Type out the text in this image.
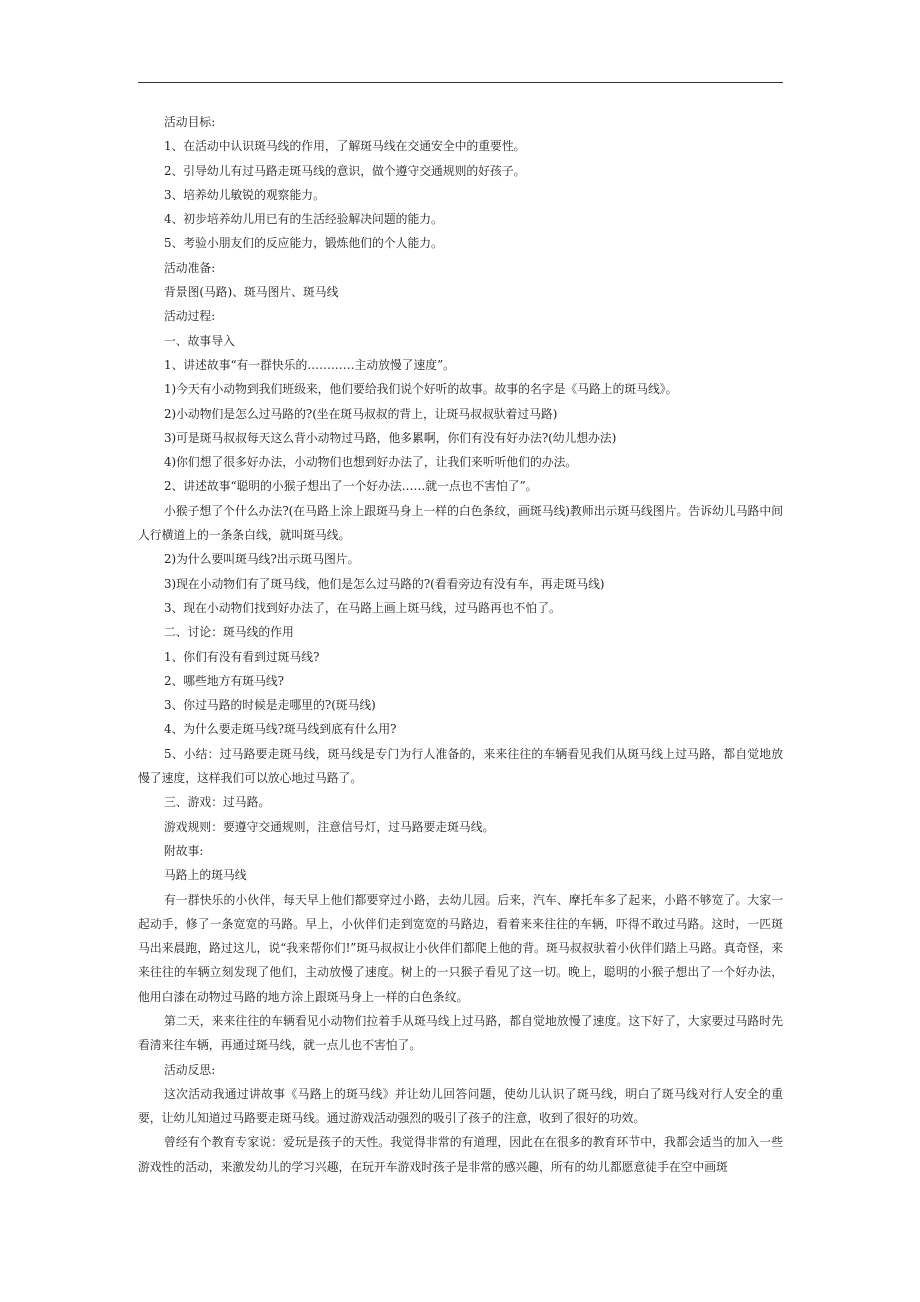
活动目标:

1、在活动中认识斑马线的作用，了解斑马线在交通安全中的重要性。

2、引导幼儿有过马路走斑马线的意识，做个遵守交通规则的好孩子。

3、培养幼儿敏锐的观察能力。

4、初步培养幼儿用已有的生活经验解决问题的能力。

5、考验小朋友们的反应能力，锻炼他们的个人能力。

活动准备:

背景图(马路)、斑马图片、斑马线

活动过程:

一、故事导入

1、讲述故事“有一群快乐的…………主动放慢了速度”。

1)今天有小动物到我们班级来，他们要给我们说个好听的故事。故事的名字是《马路上的斑马线》。

2)小动物们是怎么过马路的?(坐在斑马叔叔的背上，让斑马叔叔驮着过马路)

3)可是斑马叔叔每天这么背小动物过马路，他多累啊，你们有没有好办法?(幼儿想办法)

4)你们想了很多好办法，小动物们也想到好办法了，让我们来听听他们的办法。

2、讲述故事“聪明的小猴子想出了一个好办法……就一点也不害怕了”。

小猴子想了个什么办法?(在马路上涂上跟斑马身上一样的白色条纹，画斑马线)教师出示斑马线图片。告诉幼儿马路中间人行横道上的一条条白线，就叫斑马线。

2)为什么要叫斑马线?出示斑马图片。

3)现在小动物们有了斑马线，他们是怎么过马路的?(看看旁边有没有车，再走斑马线)

3、现在小动物们找到好办法了，在马路上画上斑马线，过马路再也不怕了。

二、讨论：斑马线的作用

1、你们有没有看到过斑马线?

2、哪些地方有斑马线?

3、你过马路的时候是走哪里的?(斑马线)

4、为什么要走斑马线?斑马线到底有什么用?

5、小结：过马路要走斑马线，斑马线是专门为行人准备的，来来往往的车辆看见我们从斑马线上过马路，都自觉地放慢了速度，这样我们可以放心地过马路了。

三、游戏：过马路。

游戏规则：要遵守交通规则，注意信号灯，过马路要走斑马线。

附故事:

马路上的斑马线

有一群快乐的小伙伴，每天早上他们都要穿过小路，去幼儿园。后来，汽车、摩托车多了起来，小路不够宽了。大家一起动手，修了一条宽宽的马路。早上，小伙伴们走到宽宽的马路边，看着来来往往的车辆，吓得不敢过马路。这时，一匹斑马出来晨跑，路过这儿，说“我来帮你们!”斑马叔叔让小伙伴们都爬上他的背。斑马叔叔驮着小伙伴们踏上马路。真奇怪，来来往往的车辆立刻发现了他们，主动放慢了速度。树上的一只猴子看见了这一切。晚上，聪明的小猴子想出了一个好办法，他用白漆在动物过马路的地方涂上跟斑马身上一样的白色条纹。

第二天，来来往往的车辆看见小动物们拉着手从斑马线上过马路，都自觉地放慢了速度。这下好了，大家要过马路时先看清来往车辆，再通过斑马线，就一点儿也不害怕了。

活动反思:

这次活动我通过讲故事《马路上的斑马线》并让幼儿回答问题，使幼儿认识了斑马线，明白了斑马线对行人安全的重要，让幼儿知道过马路要走斑马线。通过游戏活动强烈的吸引了孩子的注意，收到了很好的功效。

曾经有个教育专家说：爱玩是孩子的天性。我觉得非常的有道理，因此在在很多的教育环节中，我都会适当的加入一些游戏性的活动，来激发幼儿的学习兴趣，在玩开车游戏时孩子是非常的感兴趣，所有的幼儿都愿意徒手在空中画斑
